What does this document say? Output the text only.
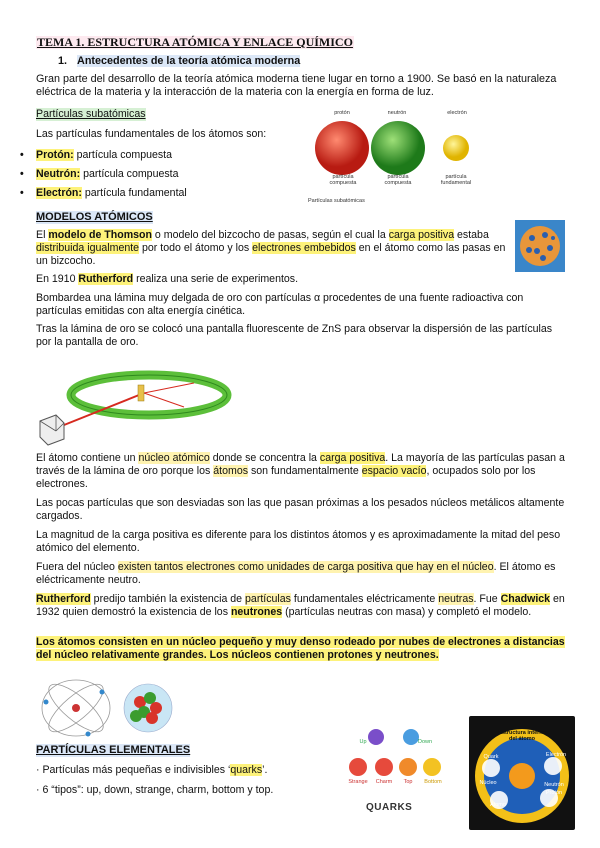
TEMA 1. ESTRUCTURA ATÓMICA Y ENLACE QUÍMICO
1. Antecedentes de la teoría atómica moderna
Gran parte del desarrollo de la teoría atómica moderna tiene lugar en torno a 1900. Se basó en la naturaleza eléctrica de la materia y la interacción de la materia con la energía en forma de luz.
Partículas subatómicas
Las partículas fundamentales de los átomos son:
• Protón: partícula compuesta
• Neutrón: partícula compuesta
• Electrón: partícula fundamental
protón	neutrón	electrón
partícula compuesta
partícula compuesta
partícula fundamental
Partículas subatómicas
MODELOS ATÓMICOS
El modelo de Thomson o modelo del bizcocho de pasas, según el cual la carga positiva estaba distribuida igualmente por todo el átomo y los electrones embebidos en el átomo como las pasas en un bizcocho.
En 1910 Rutherford realiza una serie de experimentos.
Bombardea una lámina muy delgada de oro con partículas α procedentes de una fuente radioactiva con partículas emitidas con alta energía cinética.
Tras la lámina de oro se colocó una pantalla fluorescente de ZnS para observar la dispersión de las partículas por la pantalla de oro.
El átomo contiene un núcleo atómico donde se concentra la carga positiva. La mayoría de las partículas pasan a través de la lámina de oro porque los átomos son fundamentalmente espacio vacío, ocupados solo por los electrones.
Las pocas partículas que son desviadas son las que pasan próximas a los pesados núcleos metálicos altamente cargados.
La magnitud de la carga positiva es diferente para los distintos átomos y es aproximadamente la mitad del peso atómico del elemento.
Fuera del núcleo existen tantos electrones como unidades de carga positiva que hay en el núcleo. El átomo es eléctricamente neutro.
Rutherford predijo también la existencia de partículas fundamentales eléctricamente neutras. Fue Chadwick en 1932 quien demostró la existencia de los neutrones (partículas neutras con masa) y completó el modelo.
Los átomos consisten en un núcleo pequeño y muy denso rodeado por nubes de electrones a distancias del núcleo relativamente grandes. Los núcleos contienen protones y neutrones.
PARTÍCULAS ELEMENTALES
· Partículas más pequeñas e indivisibles ‘quarks’.
· 6 “tipos”: up, down, strange, charm, bottom y top.
Up	Down
Strange	Charm	Top	Bottom
QUARKS
Estructura interna del átomo
Quark	Electrón
Neutrón
Protón
Átomo
Núcleo
